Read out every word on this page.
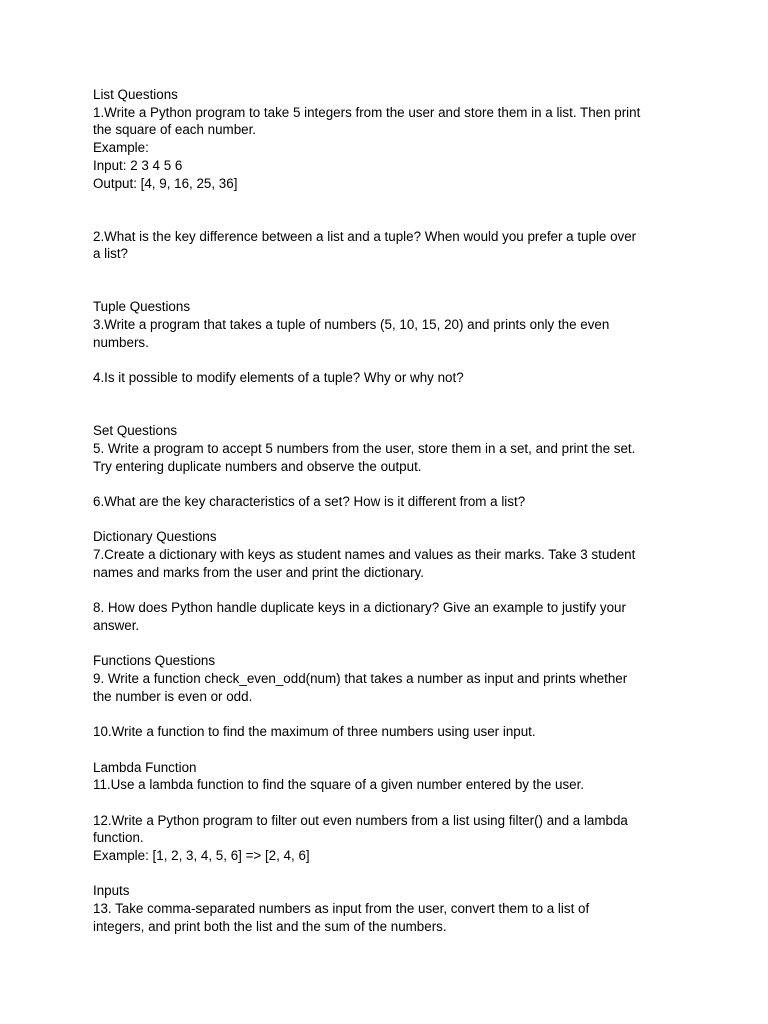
List Questions
1.Write a Python program to take 5 integers from the user and store them in a list. Then print
the square of each number.
Example:
Input: 2 3 4 5 6
Output: [4, 9, 16, 25, 36]
2.What is the key difference between a list and a tuple? When would you prefer a tuple over
a list?
Tuple Questions
3.Write a program that takes a tuple of numbers (5, 10, 15, 20) and prints only the even
numbers.
4.Is it possible to modify elements of a tuple? Why or why not?
Set Questions
5. Write a program to accept 5 numbers from the user, store them in a set, and print the set.
Try entering duplicate numbers and observe the output.
6.What are the key characteristics of a set? How is it different from a list?
Dictionary Questions
7.Create a dictionary with keys as student names and values as their marks. Take 3 student
names and marks from the user and print the dictionary.
8. How does Python handle duplicate keys in a dictionary? Give an example to justify your
answer.
Functions Questions
9. Write a function check_even_odd(num) that takes a number as input and prints whether
the number is even or odd.
10.Write a function to find the maximum of three numbers using user input.
Lambda Function
11.Use a lambda function to find the square of a given number entered by the user.
12.Write a Python program to filter out even numbers from a list using filter() and a lambda
function.
Example: [1, 2, 3, 4, 5, 6] => [2, 4, 6]
Inputs
13. Take comma-separated numbers as input from the user, convert them to a list of
integers, and print both the list and the sum of the numbers.
